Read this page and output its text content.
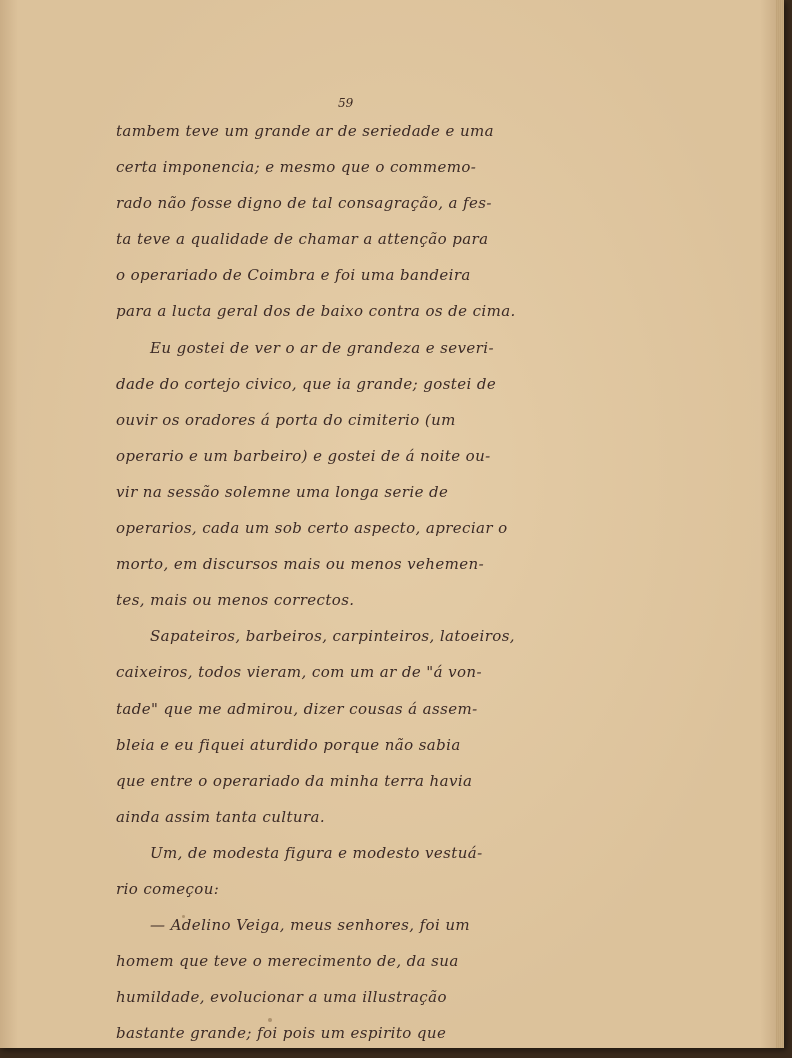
59
tambem teve um grande ar de seriedade e uma
certa imponencia; e mesmo que o commemo-
rado não fosse digno de tal consagração, a fes-
ta teve a qualidade de chamar a attenção para
o operariado de Coimbra e foi uma bandeira
para a lucta geral dos de baixo contra os de cima.
Eu gostei de ver o ar de grandeza e severi-
dade do cortejo civico, que ia grande; gostei de
ouvir os oradores á porta do cimiterio (um
operario e um barbeiro) e gostei de á noite ou-
vir na sessão solemne uma longa serie de
operarios, cada um sob certo aspecto, apreciar o
morto, em discursos mais ou menos vehemen-
tes, mais ou menos correctos.
Sapateiros, barbeiros, carpinteiros, latoeiros,
caixeiros, todos vieram, com um ar de "á von-
tade" que me admirou, dizer cousas á assem-
bleia e eu fiquei aturdido porque não sabia
que entre o operariado da minha terra havia
ainda assim tanta cultura.
Um, de modesta figura e modesto vestuá-
rio começou:
— Adelino Veiga, meus senhores, foi um
homem que teve o merecimento de, da sua
humildade, evolucionar a uma illustração
bastante grande; foi pois um espirito que
